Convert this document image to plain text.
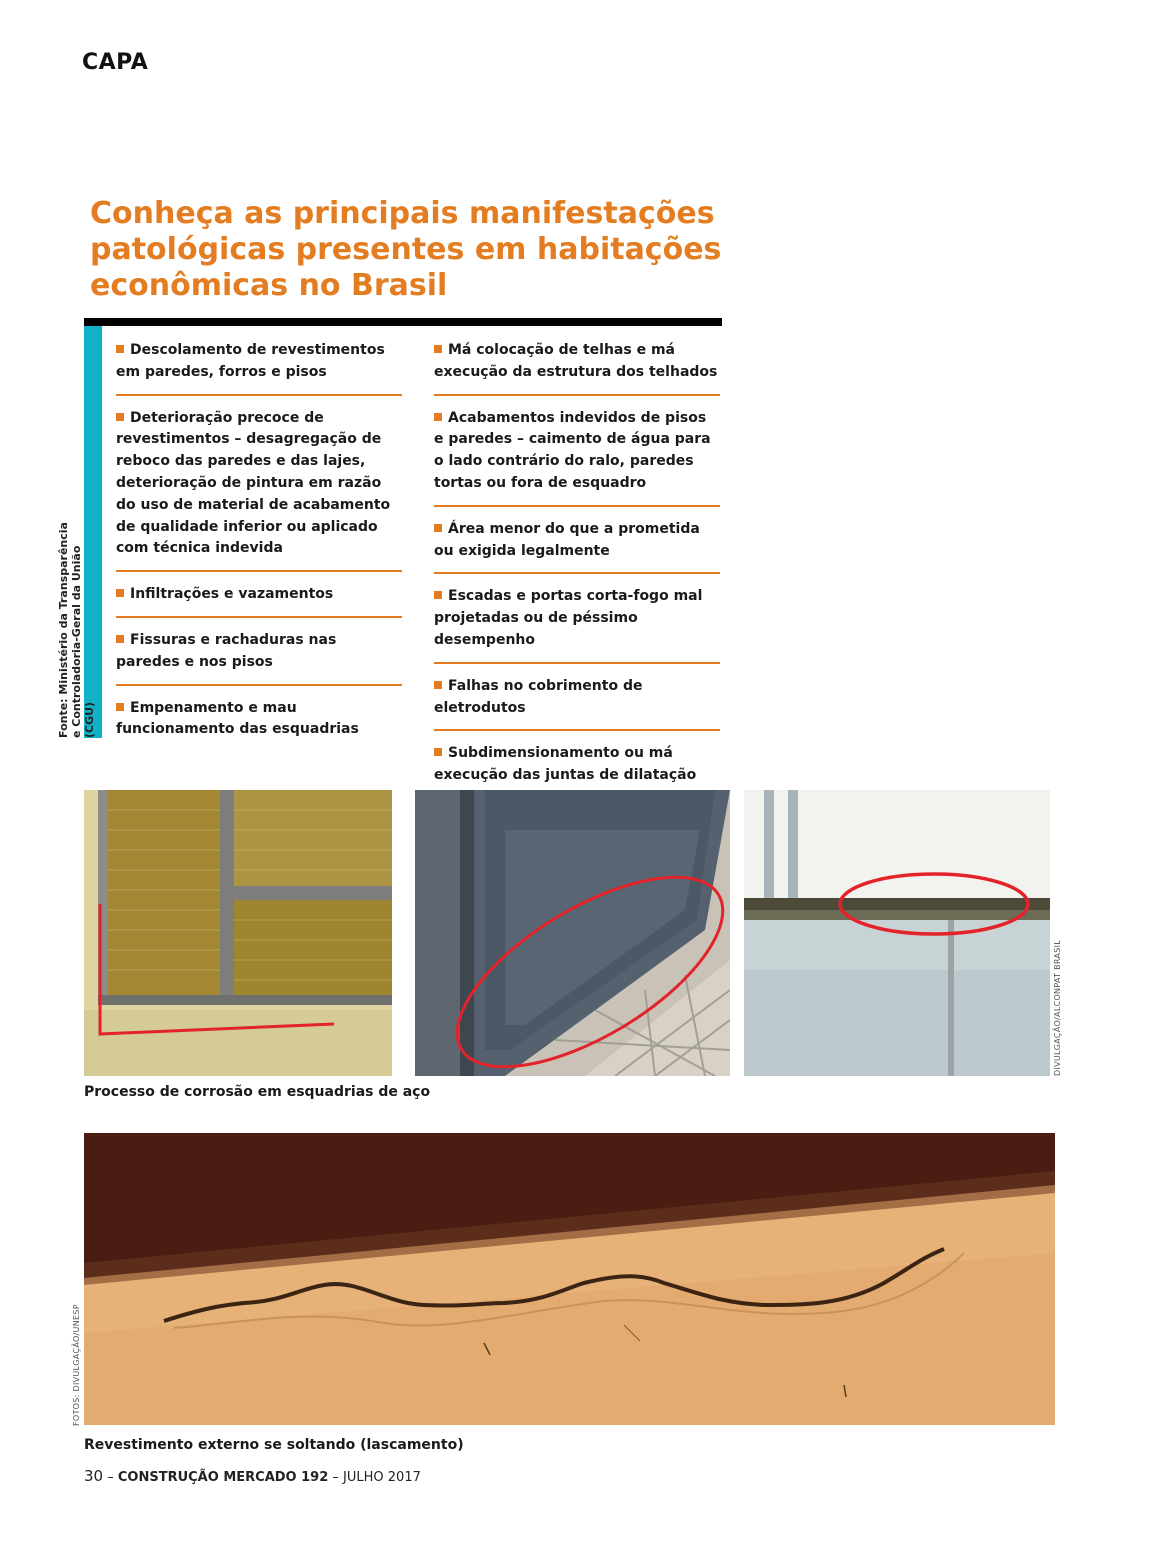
CAPA
Conheça as principais manifestações patológicas presentes em habitações econômicas no Brasil
Fonte: Ministério da Transparência e Controladoria-Geral da União (CGU)
Descolamento de revestimentos em paredes, forros e pisos
Deterioração precoce de revestimentos – desagregação de reboco das paredes e das lajes, deterioração de pintura em razão do uso de material de acabamento de qualidade inferior ou aplicado com técnica indevida
Infiltrações e vazamentos
Fissuras e rachaduras nas paredes e nos pisos
Empenamento e mau funcionamento das esquadrias
Má colocação de telhas e má execução da estrutura dos telhados
Acabamentos indevidos de pisos e paredes – caimento de água para o lado contrário do ralo, paredes tortas ou fora de esquadro
Área menor do que a prometida ou exigida legalmente
Escadas e portas corta-fogo mal projetadas ou de péssimo desempenho
Falhas no cobrimento de eletrodutos
Subdimensionamento ou má execução das juntas de dilatação
DIVULGAÇÃO/ALCONPAT BRASIL
Processo de corrosão em esquadrias de aço
FOTOS: DIVULGAÇÃO/UNESP
Revestimento externo se soltando (lascamento)
30 – CONSTRUÇÃO MERCADO 192 – JULHO 2017
